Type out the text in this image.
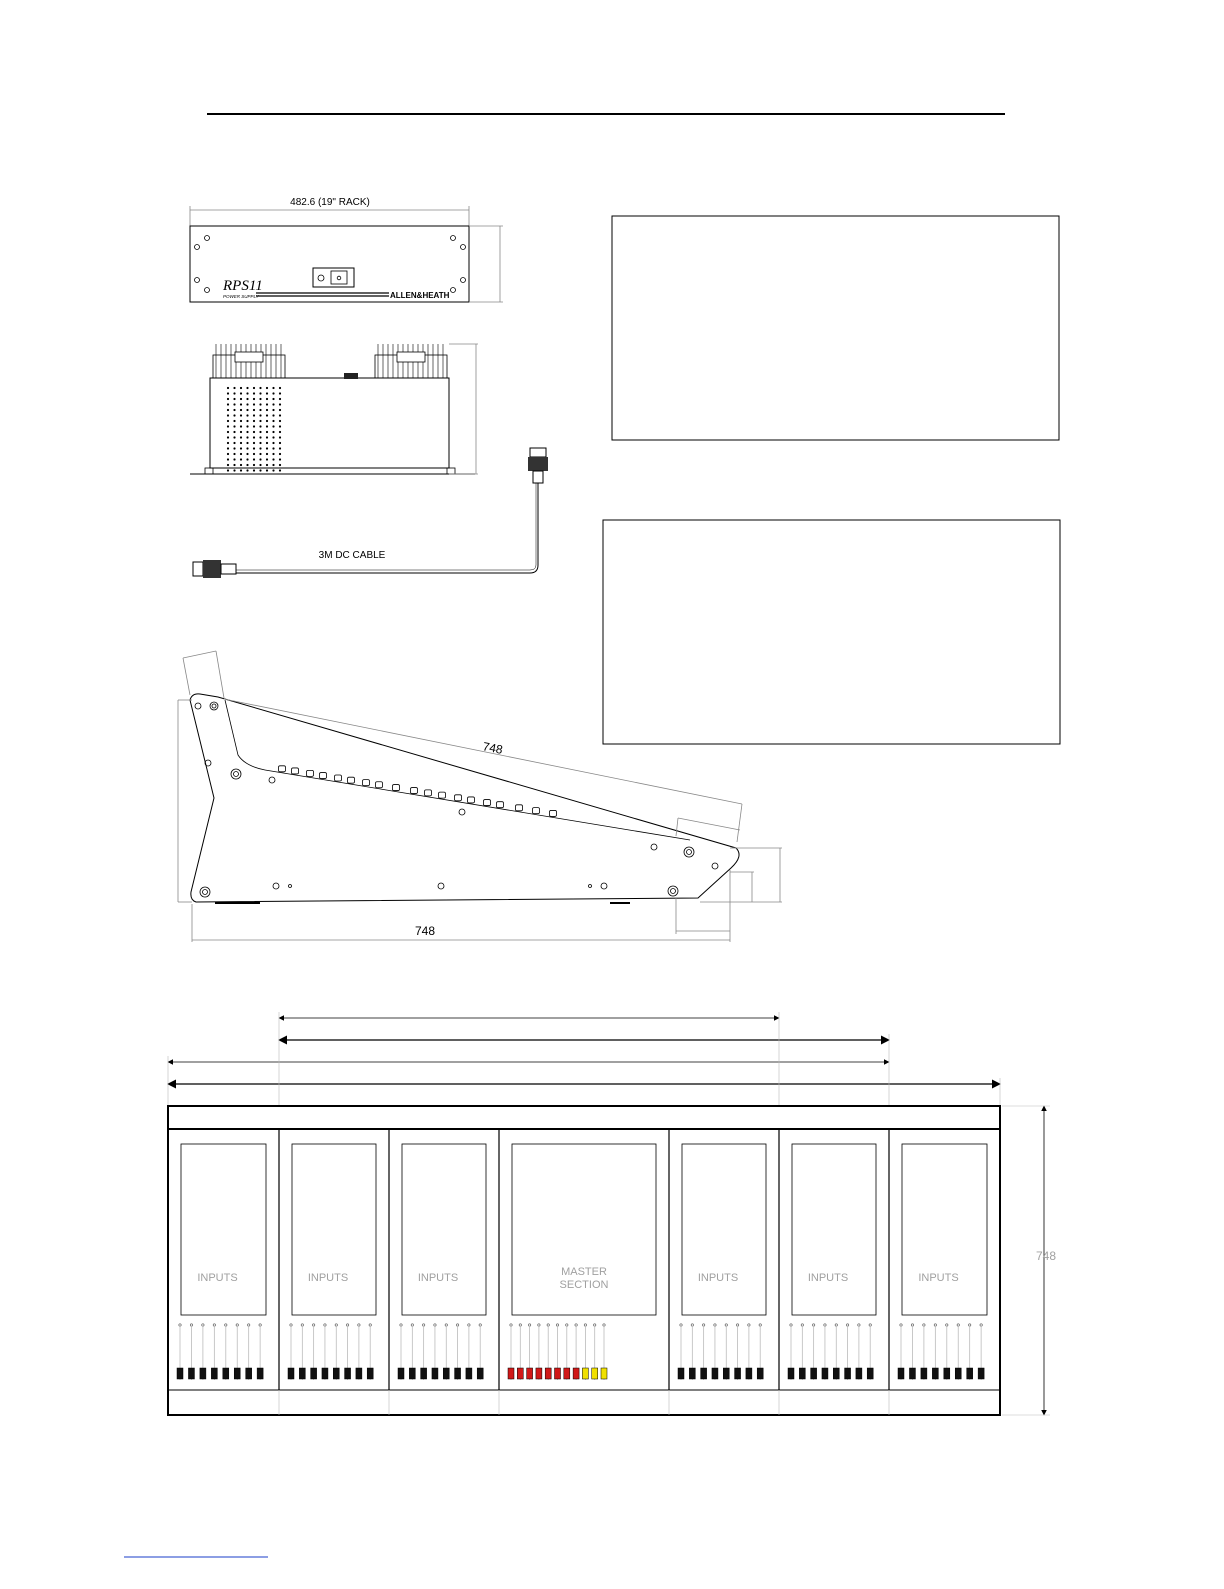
482.6 (19" RACK)
RPS11
POWER SUPPLY	ALLEN&HEATH
3M DC CABLE
748
748
INPUTS	INPUTS	INPUTS	MASTER
SECTION
INPUTS	INPUTS	INPUTS
748
